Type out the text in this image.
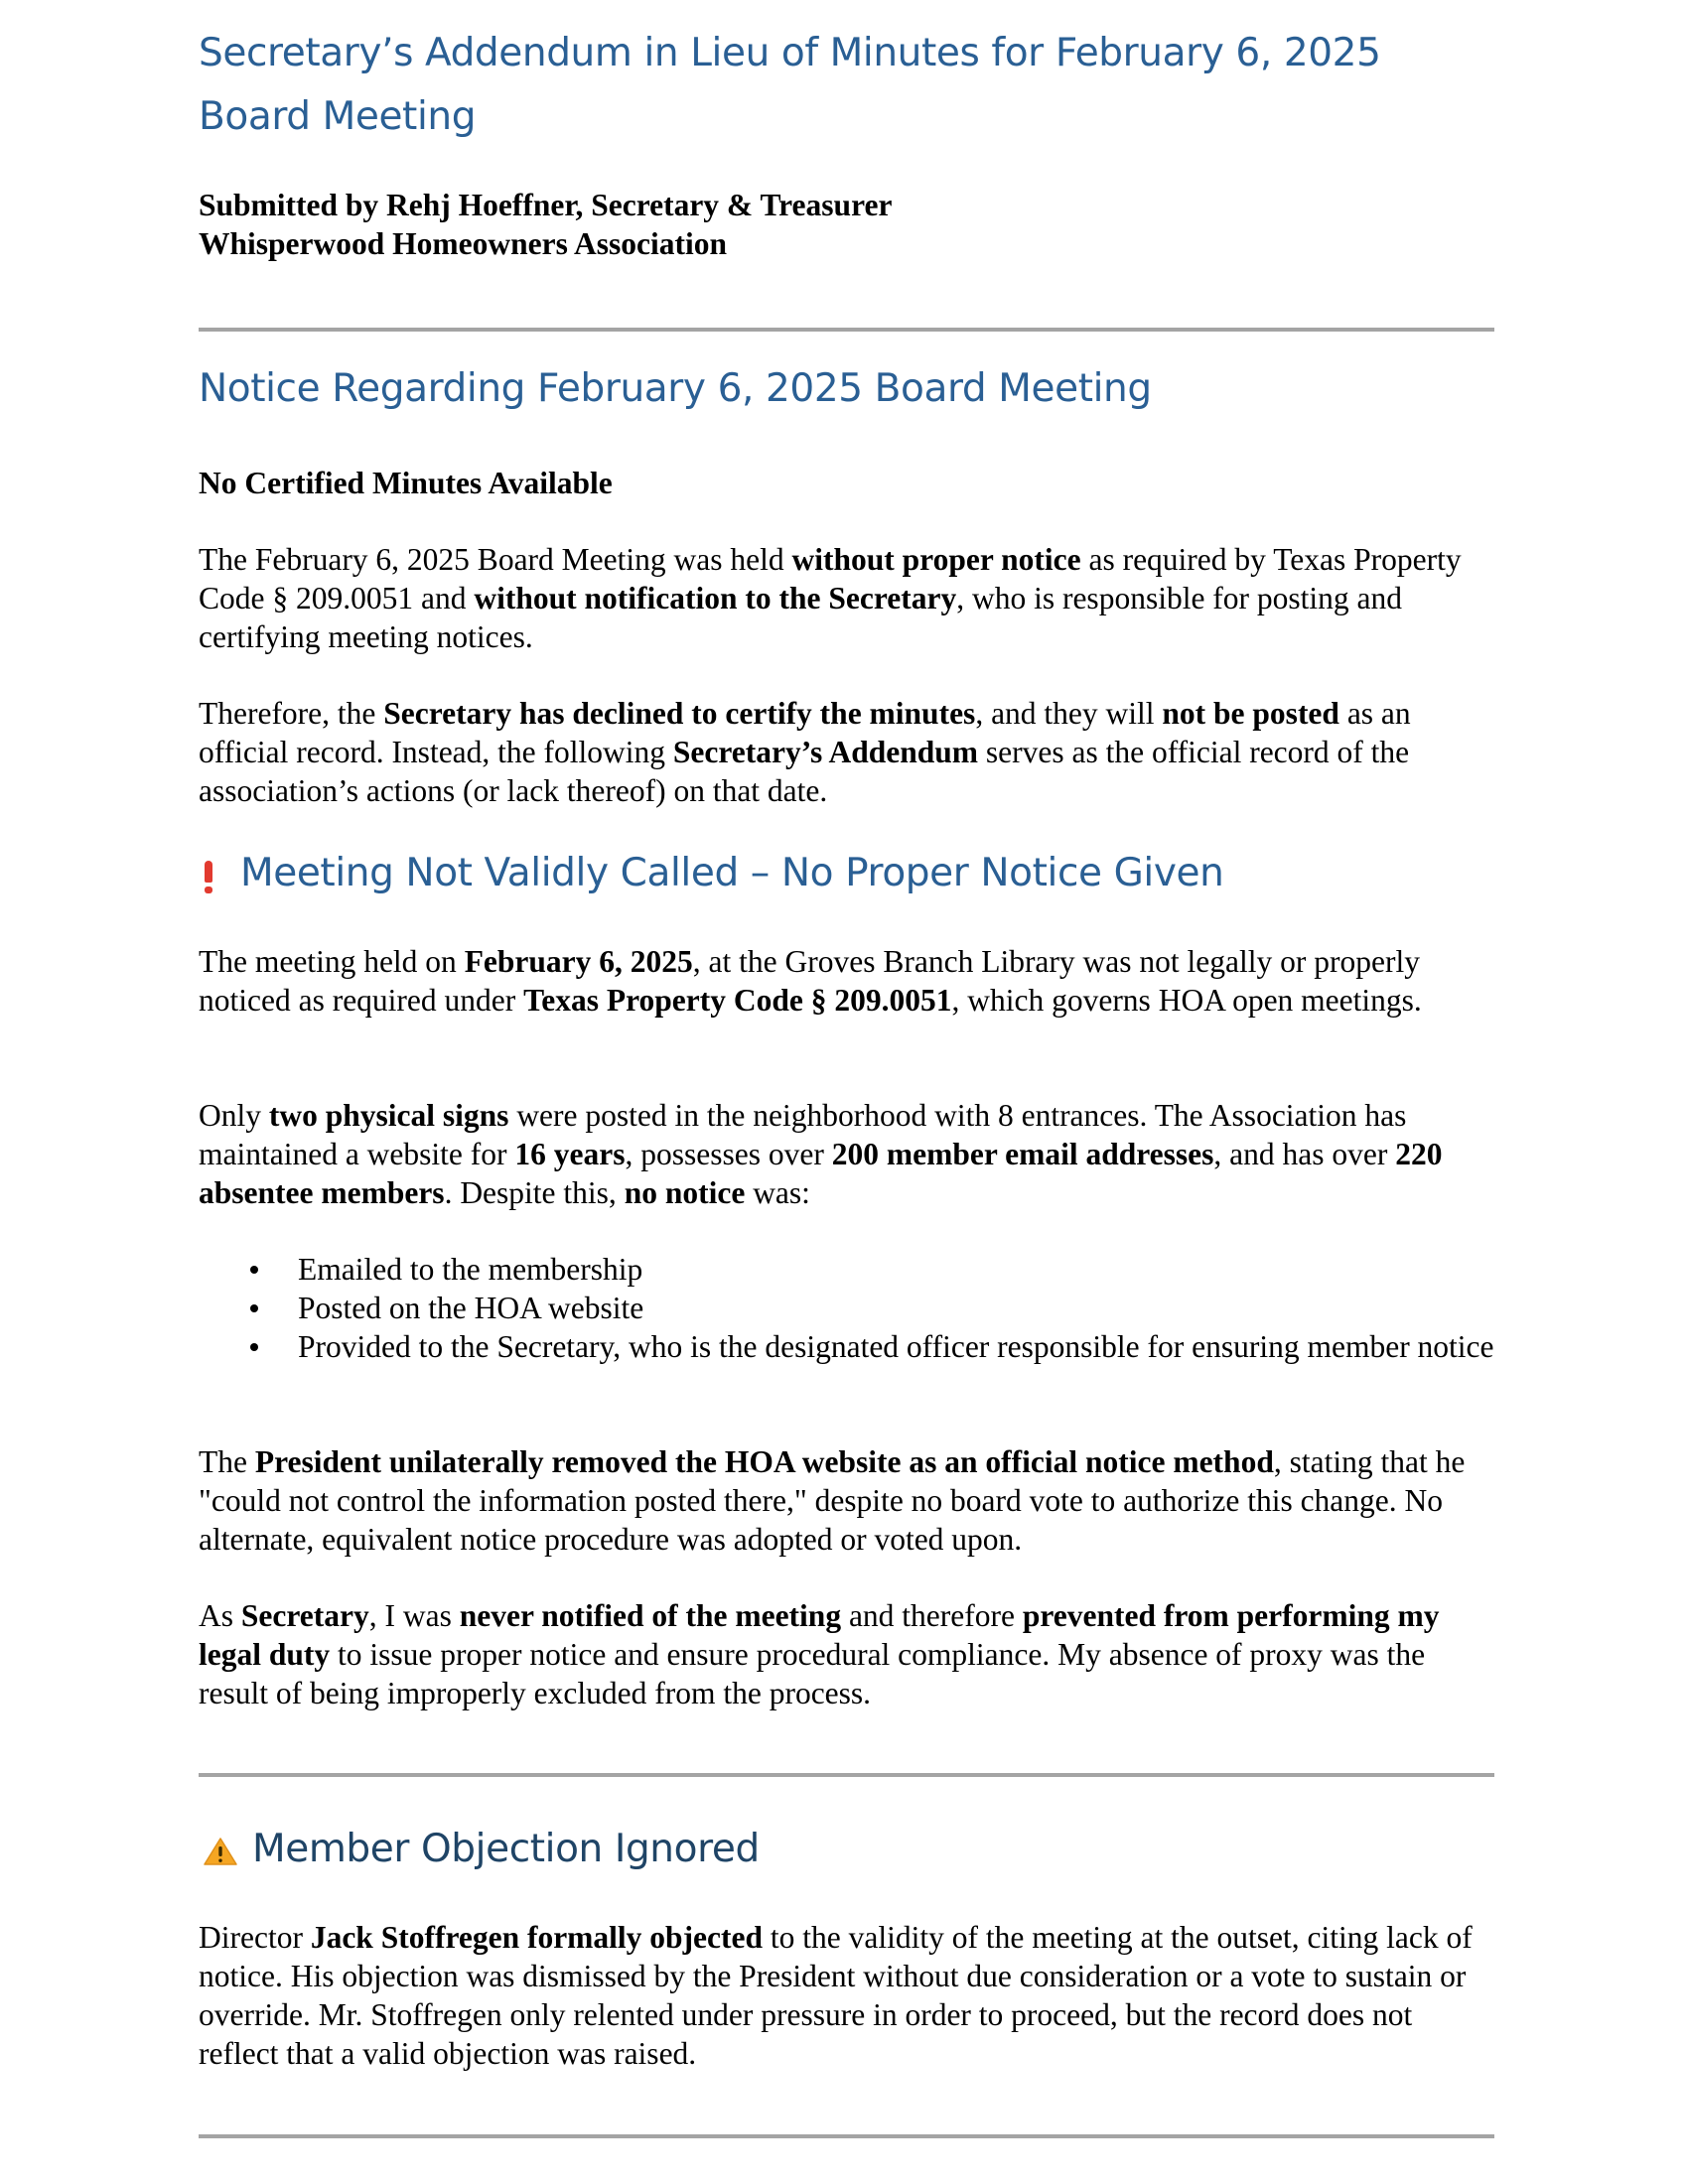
Secretary’s Addendum in Lieu of Minutes for February 6, 2025 Board Meeting
Submitted by Rehj Hoeffner, Secretary & Treasurer
Whisperwood Homeowners Association
Notice Regarding February 6, 2025 Board Meeting
No Certified Minutes Available

The February 6, 2025 Board Meeting was held without proper notice as required by Texas Property Code § 209.0051 and without notification to the Secretary, who is responsible for posting and certifying meeting notices.

Therefore, the Secretary has declined to certify the minutes, and they will not be posted as an official record. Instead, the following Secretary’s Addendum serves as the official record of the association’s actions (or lack thereof) on that date.

Meeting Not Validly Called – No Proper Notice Given

The meeting held on February 6, 2025, at the Groves Branch Library was not legally or properly noticed as required under Texas Property Code § 209.0051, which governs HOA open meetings.

Only two physical signs were posted in the neighborhood with 8 entrances. The Association has maintained a website for 16 years, possesses over 200 member email addresses, and has over 220 absentee members. Despite this, no notice was:

Emailed to the membership
Posted on the HOA website
Provided to the Secretary, who is the designated officer responsible for ensuring member notice

The President unilaterally removed the HOA website as an official notice method, stating that he "could not control the information posted there," despite no board vote to authorize this change. No alternate, equivalent notice procedure was adopted or voted upon.

As Secretary, I was never notified of the meeting and therefore prevented from performing my legal duty to issue proper notice and ensure procedural compliance. My absence of proxy was the result of being improperly excluded from the process.

Member Objection Ignored

Director Jack Stoffregen formally objected to the validity of the meeting at the outset, citing lack of notice. His objection was dismissed by the President without due consideration or a vote to sustain or override. Mr. Stoffregen only relented under pressure in order to proceed, but the record does not reflect that a valid objection was raised.
